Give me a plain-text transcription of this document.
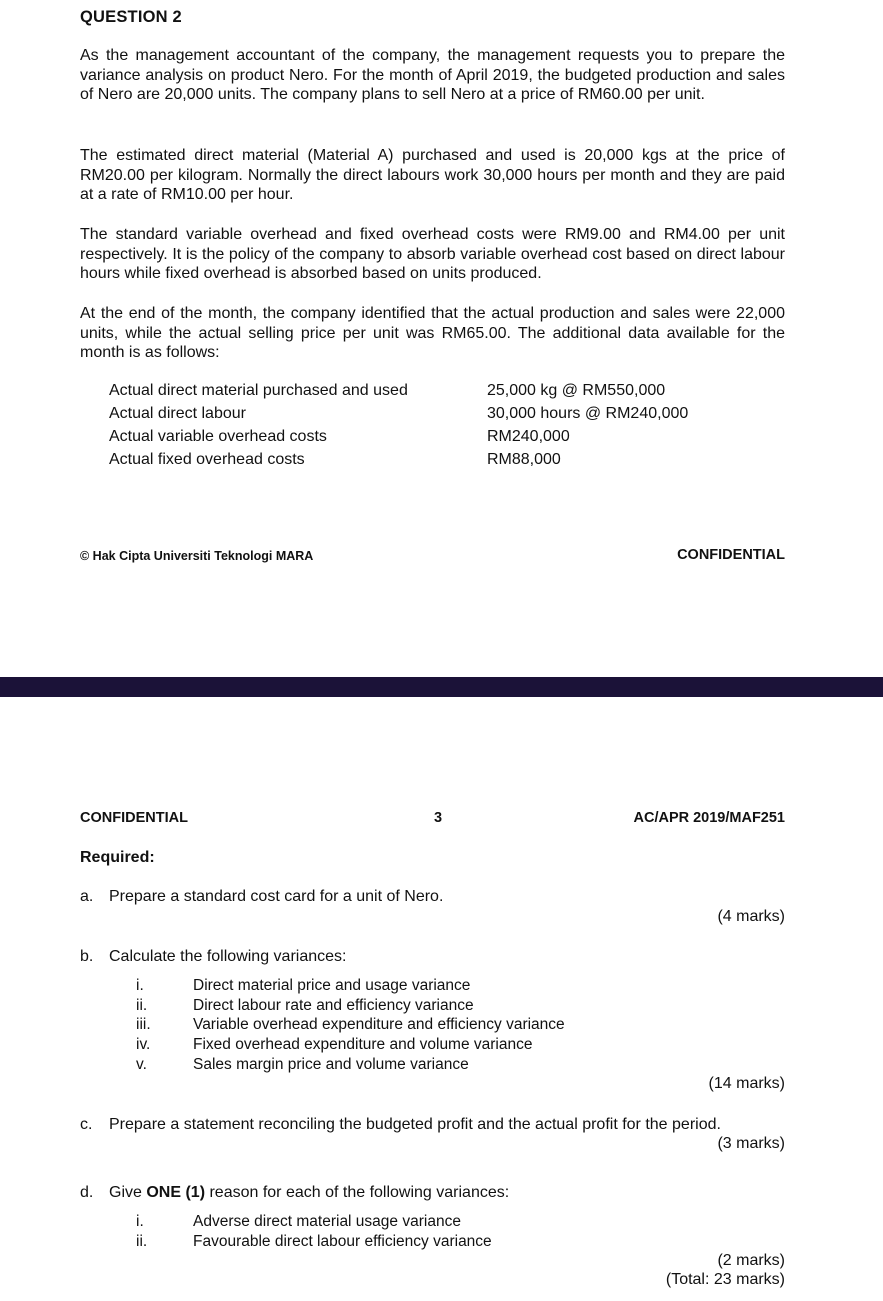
QUESTION 2
As the management accountant of the company, the management requests you to prepare the variance analysis on product Nero. For the month of April 2019, the budgeted production and sales of Nero are 20,000 units. The company plans to sell Nero at a price of RM60.00 per unit.
The estimated direct material (Material A) purchased and used is 20,000 kgs at the price of RM20.00 per kilogram. Normally the direct labours work 30,000 hours per month and they are paid at a rate of RM10.00 per hour.
The standard variable overhead and fixed overhead costs were RM9.00 and RM4.00 per unit respectively. It is the policy of the company to absorb variable overhead cost based on direct labour hours while fixed overhead is absorbed based on units produced.
At the end of the month, the company identified that the actual production and sales were 22,000 units, while the actual selling price per unit was RM65.00. The additional data available for the month is as follows:
Actual direct material purchased and used	25,000 kg @ RM550,000
Actual direct labour	30,000 hours @ RM240,000
Actual variable overhead costs	RM240,000
Actual fixed overhead costs	RM88,000
© Hak Cipta Universiti Teknologi MARA	CONFIDENTIAL
CONFIDENTIAL	3	AC/APR 2019/MAF251
Required:
a. Prepare a standard cost card for a unit of Nero.
(4 marks)
b. Calculate the following variances:
i.	Direct material price and usage variance
ii.	Direct labour rate and efficiency variance
iii.	Variable overhead expenditure and efficiency variance
iv.	Fixed overhead expenditure and volume variance
v.	Sales margin price and volume variance
(14 marks)
c. Prepare a statement reconciling the budgeted profit and the actual profit for the period.
(3 marks)
d. Give ONE (1) reason for each of the following variances:
i.	Adverse direct material usage variance
ii.	Favourable direct labour efficiency variance
(2 marks)
(Total: 23 marks)
